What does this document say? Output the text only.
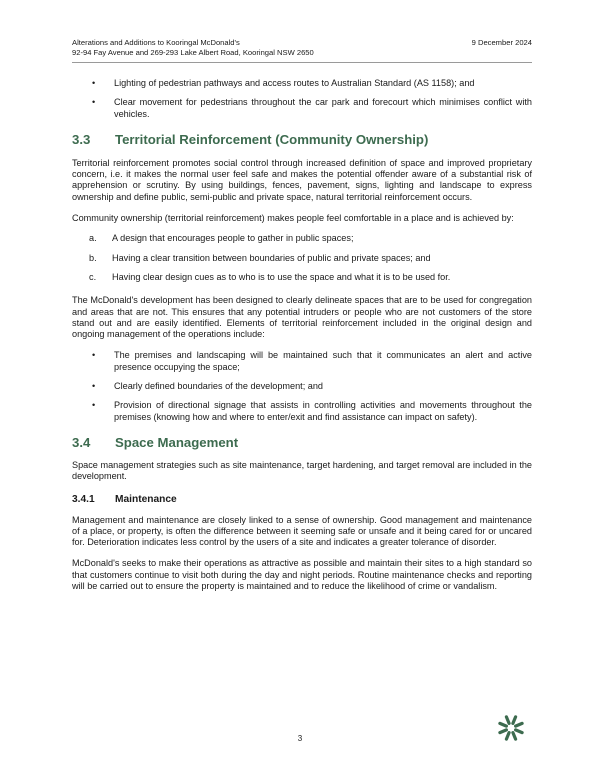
Alterations and Additions to Kooringal McDonald's
92-94 Fay Avenue and 269-293 Lake Albert Road, Kooringal NSW 2650
9 December 2024
• Lighting of pedestrian pathways and access routes to Australian Standard (AS 1158); and
• Clear movement for pedestrians throughout the car park and forecourt which minimises conflict with vehicles.
3.3 Territorial Reinforcement (Community Ownership)

Territorial reinforcement promotes social control through increased definition of space and improved proprietary concern, i.e. it makes the normal user feel safe and makes the potential offender aware of a substantial risk of apprehension or scrutiny. By using buildings, fences, pavement, signs, lighting and landscape to express ownership and define public, semi-public and private space, natural territorial reinforcement occurs.

Community ownership (territorial reinforcement) makes people feel comfortable in a place and is achieved by:

a. A design that encourages people to gather in public spaces;
b. Having a clear transition between boundaries of public and private spaces; and
c. Having clear design cues as to who is to use the space and what it is to be used for.

The McDonald's development has been designed to clearly delineate spaces that are to be used for congregation and areas that are not. This ensures that any potential intruders or people who are not customers of the store stand out and are easily identified. Elements of territorial reinforcement included in the original design and ongoing management of the operations include:

• The premises and landscaping will be maintained such that it communicates an alert and active presence occupying the space;
• Clearly defined boundaries of the development; and
• Provision of directional signage that assists in controlling activities and movements throughout the premises (knowing how and where to enter/exit and find assistance can impact on safety).
3.4 Space Management

Space management strategies such as site maintenance, target hardening, and target removal are included in the development.

3.4.1 Maintenance

Management and maintenance are closely linked to a sense of ownership. Good management and maintenance of a place, or property, is often the difference between it seeming safe or unsafe and it being cared for or uncared for. Deterioration indicates less control by the users of a site and indicates a greater tolerance of disorder.

McDonald's seeks to make their operations as attractive as possible and maintain their sites to a high standard so that customers continue to visit both during the day and night periods. Routine maintenance checks and reporting will be carried out to ensure the property is maintained and to reduce the likelihood of crime or vandalism.

3
